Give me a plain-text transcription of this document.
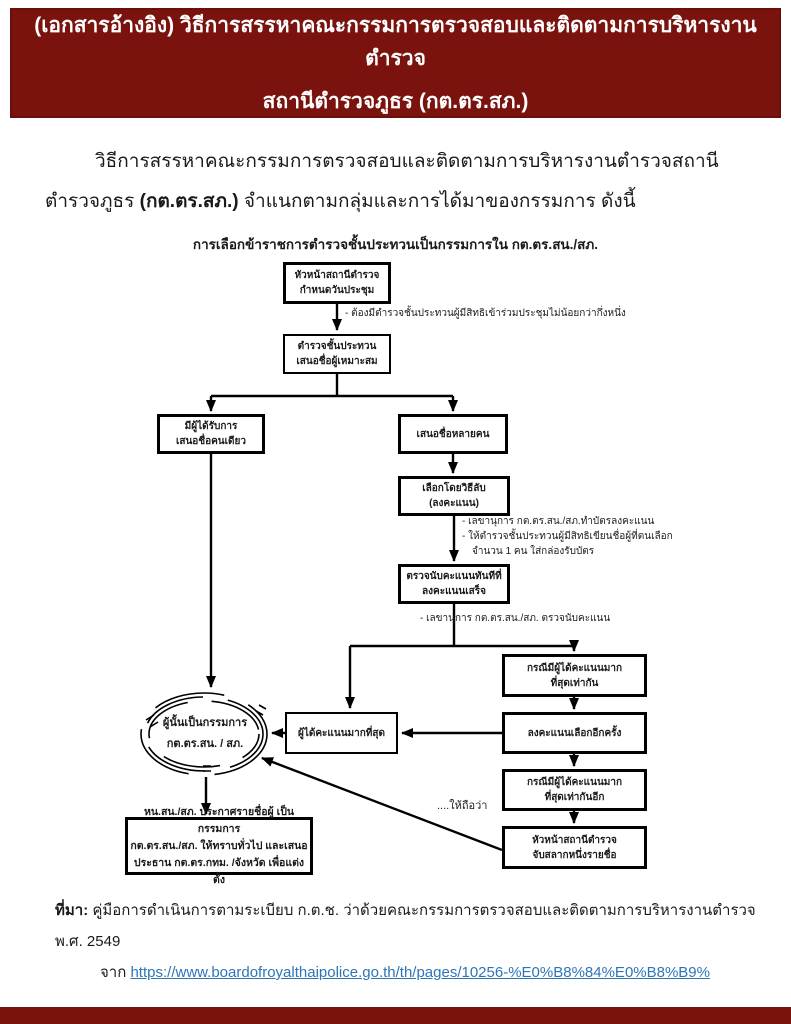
(เอกสารอ้างอิง) วิธีการสรรหาคณะกรรมการตรวจสอบและติดตามการบริหารงานตำรวจ
สถานีตำรวจภูธร (กต.ตร.สภ.)
วิธีการสรรหาคณะกรรมการตรวจสอบและติดตามการบริหารงานตำรวจสถานีตำรวจภูธร (กต.ตร.สภ.) จำแนกตามกลุ่มและการได้มาของกรรมการ ดังนี้
การเลือกข้าราชการตำรวจชั้นประทวนเป็นกรรมการใน กต.ตร.สน./สภ.
หัวหน้าสถานีตำรวจ
กำหนดวันประชุม
- ต้องมีตำรวจชั้นประทวนผู้มีสิทธิเข้าร่วมประชุมไม่น้อยกว่ากึ่งหนึ่ง
ตำรวจชั้นประทวน
เสนอชื่อผู้เหมาะสม
มีผู้ได้รับการ
เสนอชื่อคนเดียว
เสนอชื่อหลายคน
เลือกโดยวิธีลับ
(ลงคะแนน)
- เลขานุการ กต.ตร.สน./สภ.ทำบัตรลงคะแนน
- ให้ตำรวจชั้นประทวนผู้มีสิทธิเขียนชื่อผู้ที่ตนเลือก
จำนวน 1 คน ใส่กล่องรับบัตร
ตรวจนับคะแนนทันทีที่
ลงคะแนนเสร็จ
- เลขานุการ กต.ตร.สน./สภ. ตรวจนับคะแนน
ผู้ได้คะแนนมากที่สุด
กรณีมีผู้ได้คะแนนมาก
ที่สุดเท่ากัน
ลงคะแนนเลือกอีกครั้ง
กรณีมีผู้ได้คะแนนมาก
ที่สุดเท่ากันอีก
หัวหน้าสถานีตำรวจ
จับสลากหนึ่งรายชื่อ
....ให้ถือว่า
ผู้นั้นเป็นกรรมการ
กต.ตร.สน. / สภ.
หน.สน./สภ. ประกาศรายชื่อผู้ เป็นกรรมการ
กต.ตร.สน./สภ. ให้ทราบทั่วไป และเสนอ
ประธาน กต.ตร.กทม. /จังหวัด เพื่อแต่งตั้ง
ที่มา: คู่มือการดำเนินการตามระเบียบ ก.ต.ช. ว่าด้วยคณะกรรมการตรวจสอบและติดตามการบริหารงานตำรวจ พ.ศ. 2549
จาก https://www.boardofroyalthaipolice.go.th/th/pages/10256-%E0%B8%84%E0%B8%B9%
